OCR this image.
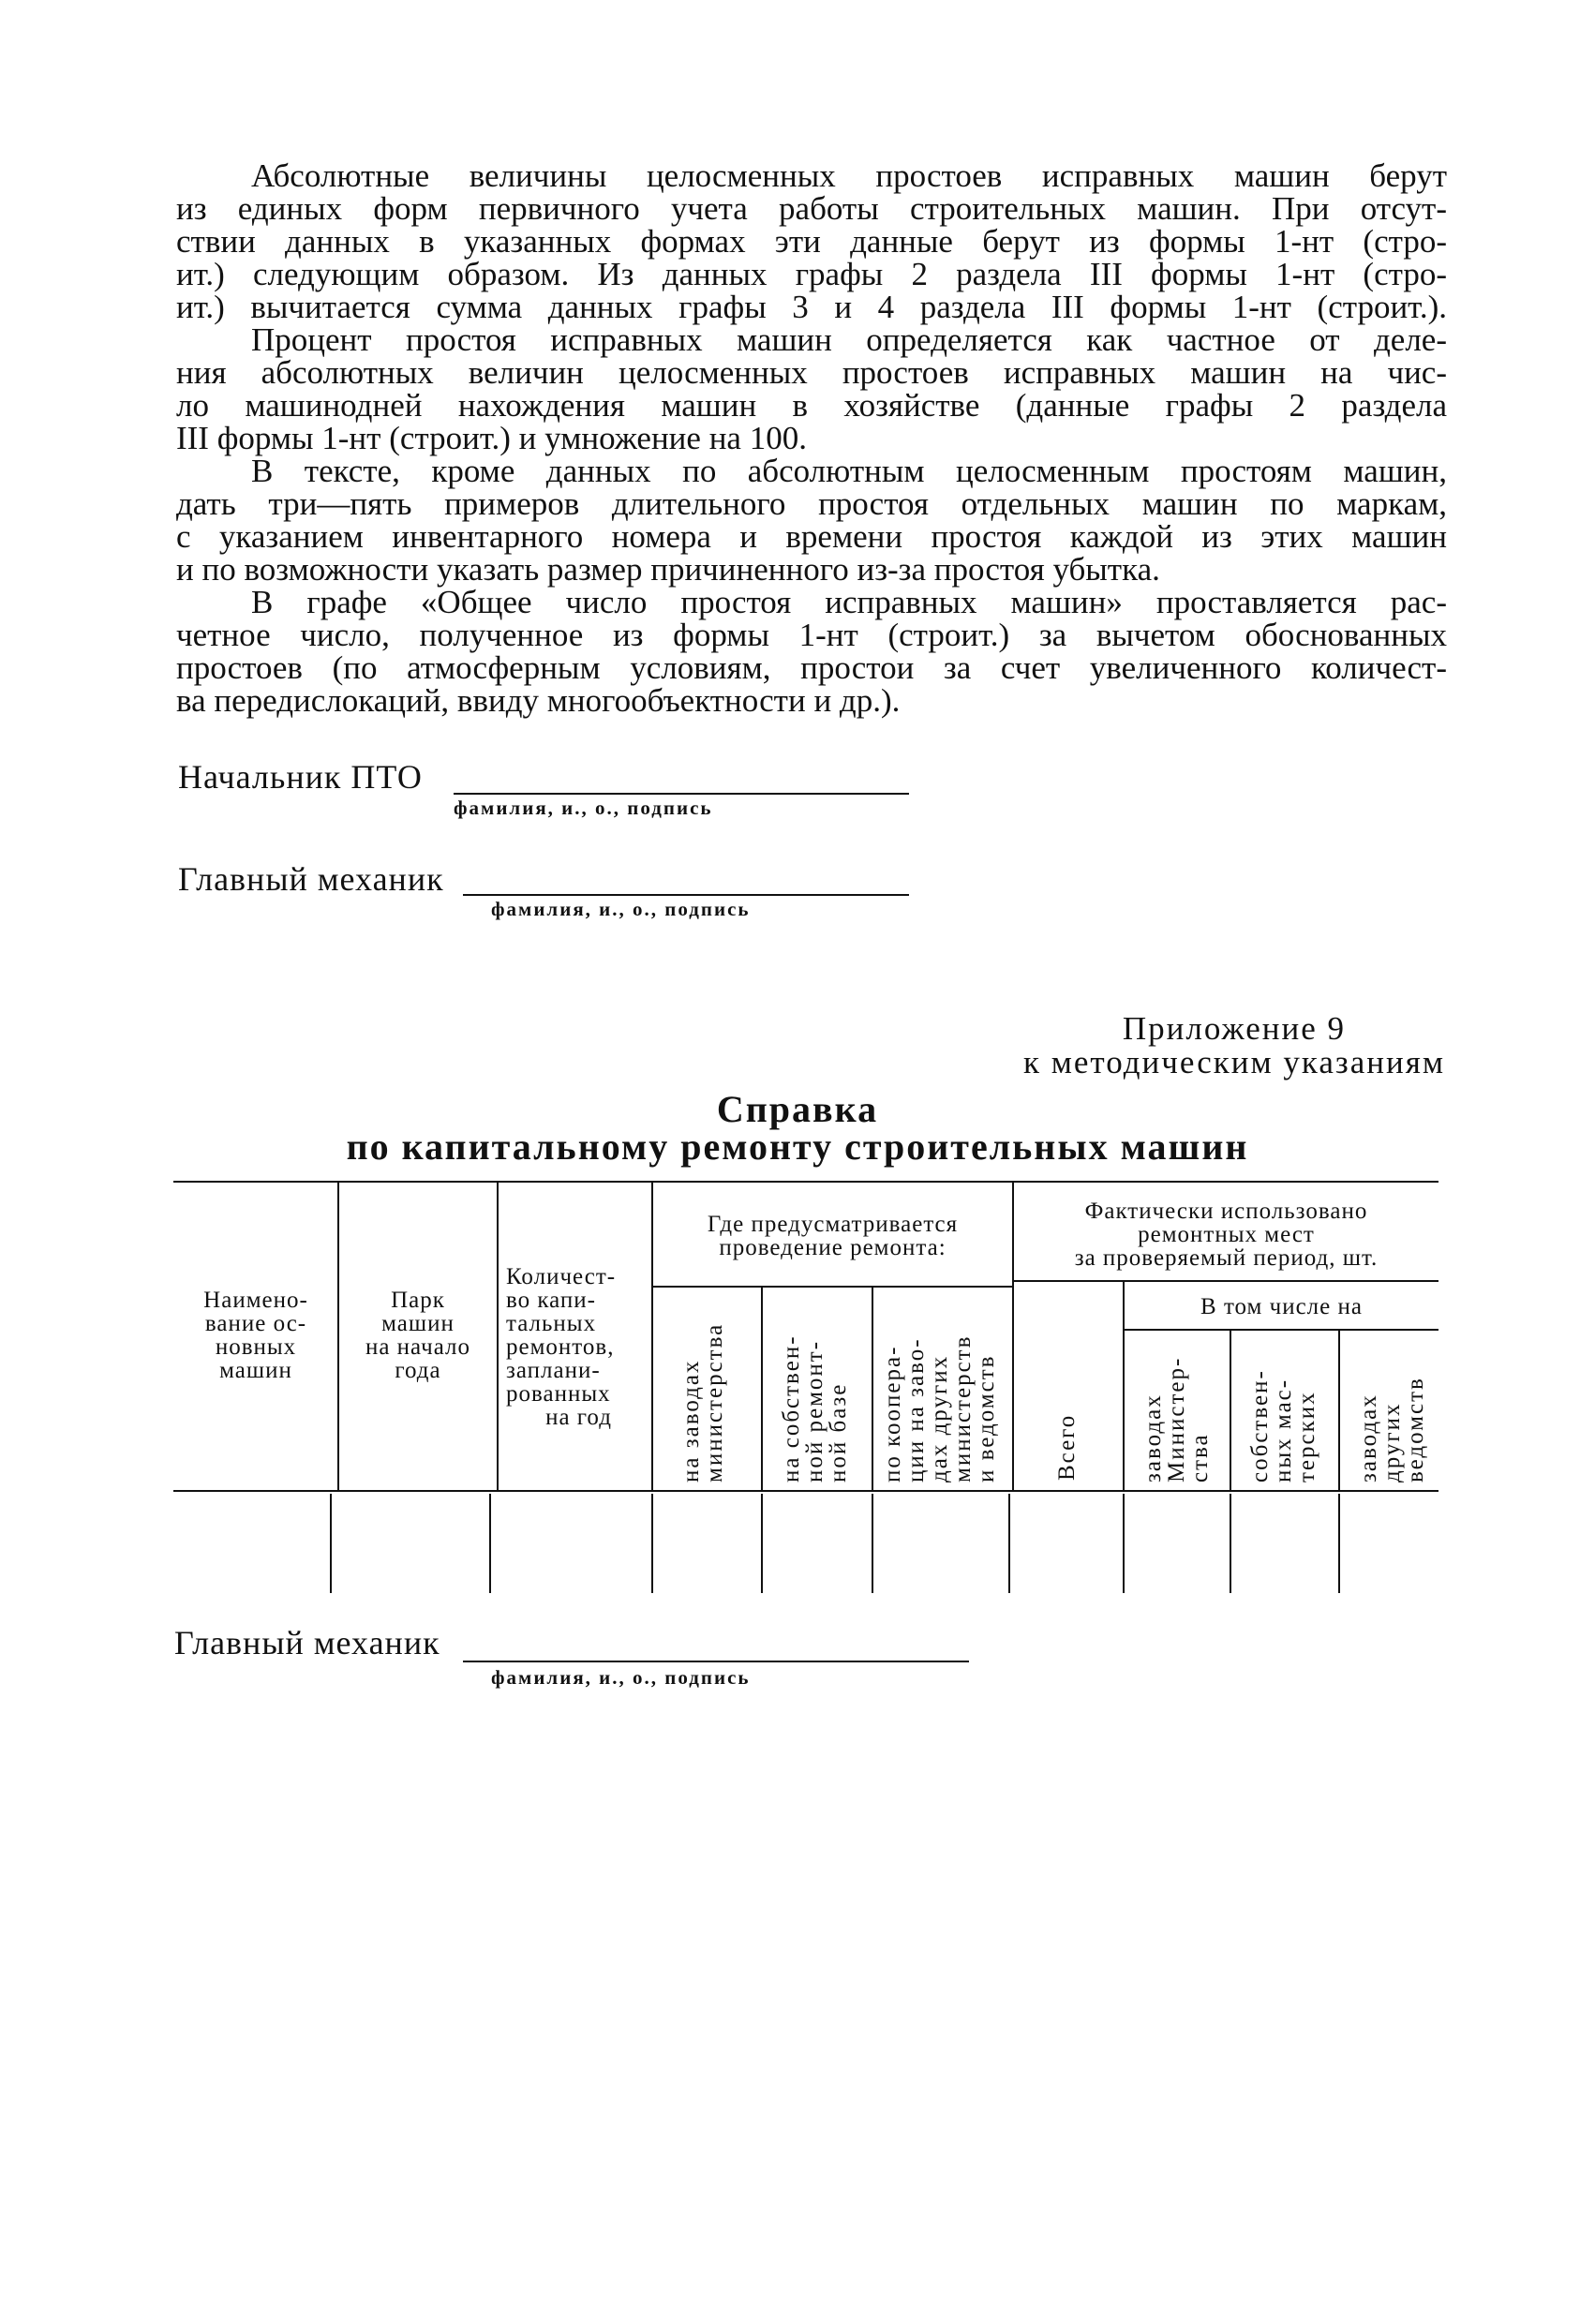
Абсолютные величины целосменных простоев исправных машин берут
из единых форм первичного учета работы строительных машин. При отсут-
ствии данных в указанных формах эти данные берут из формы 1-нт (стро-
ит.) следующим образом. Из данных графы 2 раздела III формы 1-нт (стро-
ит.) вычитается сумма данных графы 3 и 4 раздела III формы 1-нт (строит.).
Процент простоя исправных машин определяется как частное от деле-
ния абсолютных величин целосменных простоев исправных машин на чис-
ло машинодней нахождения машин в хозяйстве (данные графы 2 раздела
III формы 1-нт (строит.) и умножение на 100.
В тексте, кроме данных по абсолютным целосменным простоям машин,
дать три—пять примеров длительного простоя отдельных машин по маркам,
с указанием инвентарного номера и времени простоя каждой из этих машин
и по возможности указать размер причиненного из-за простоя убытка.
В графе «Общее число простоя исправных машин» проставляется рас-
четное число, полученное из формы 1-нт (строит.) за вычетом обоснованных
простоев (по атмосферным условиям, простои за счет увеличенного количест-
ва передислокаций, ввиду многообъектности и др.).
Начальник ПТО
фамилия, и., о., подпись
Главный механик
фамилия, и., о., подпись
Приложение 9
к методическим указаниям
Справка
по капитальному ремонту строительных машин
Наимено-
вание ос-
новных
машин
Парк
машин
на начало
года
Количест-
во капи-
тальных
ремонтов,
заплани-
рованных
на год
Где предусматривается
проведение ремонта:
на заводах
министерства на собствен-
ной ремонт-
ной базе по коопера-
ции на заво-
дах других
министерств
и ведомств
Фактически использовано
ремонтных мест
за проверяемый период, шт.
Всего
В том числе на
заводах
Министер-
ства собствен-
ных мас-
терских заводах
других
ведомств
Главный механик
фамилия, и., о., подпись
